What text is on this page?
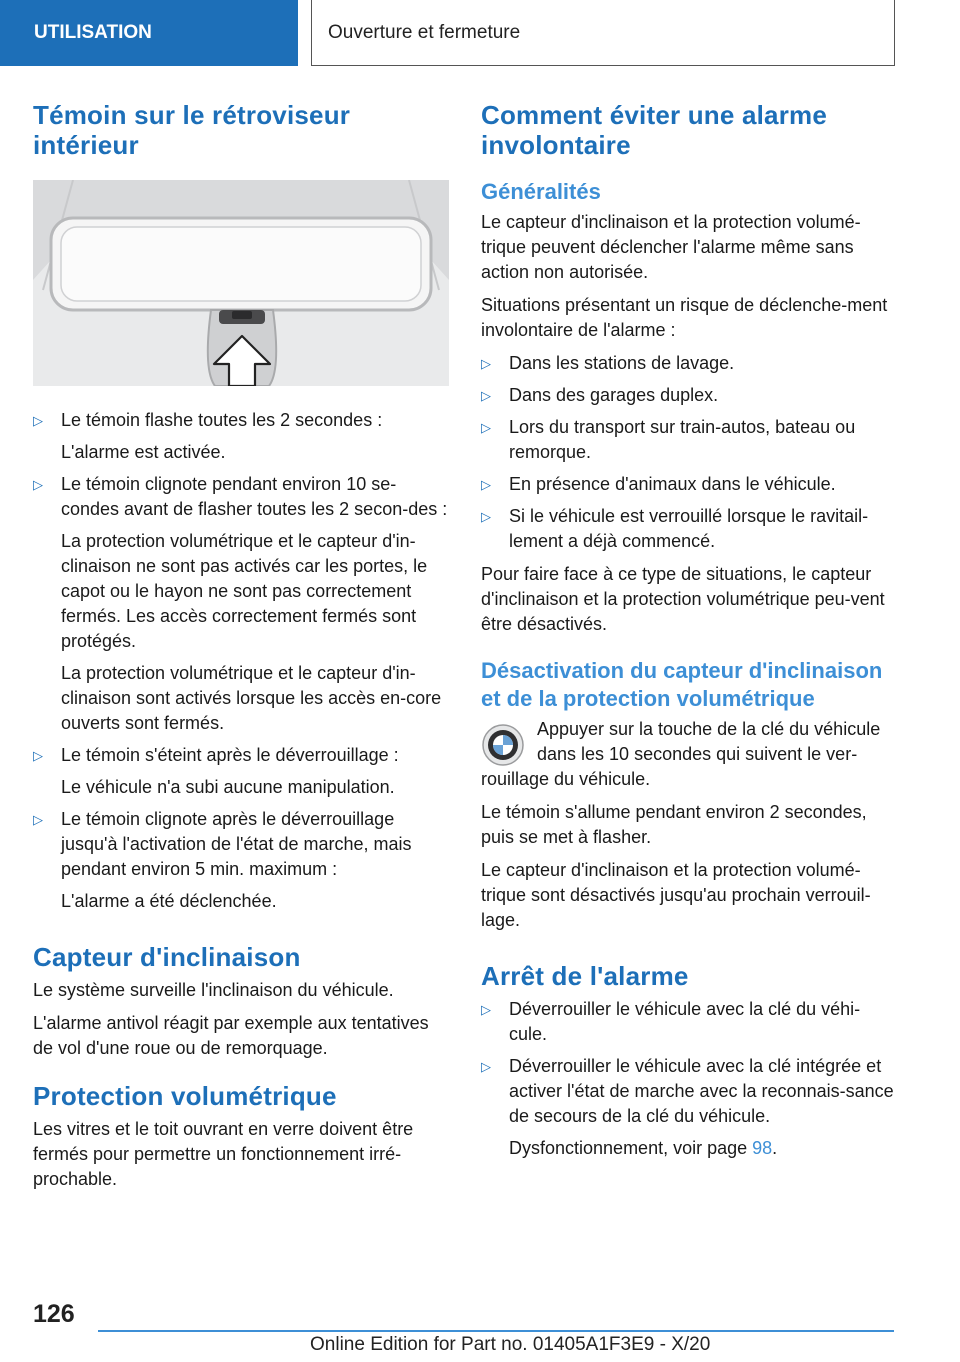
UTILISATION	Ouverture et fermeture
Témoin sur le rétroviseur intérieur
▷ Le témoin flashe toutes les 2 secondes :
L'alarme est activée.
▷ Le témoin clignote pendant environ 10 se-condes avant de flasher toutes les 2 secon-des :
La protection volumétrique et le capteur d'in-clinaison ne sont pas activés car les portes, le capot ou le hayon ne sont pas correctement fermés. Les accès correctement fermés sont protégés.
La protection volumétrique et le capteur d'in-clinaison sont activés lorsque les accès en-core ouverts sont fermés.
▷ Le témoin s'éteint après le déverrouillage :
Le véhicule n'a subi aucune manipulation.
▷ Le témoin clignote après le déverrouillage jusqu'à l'activation de l'état de marche, mais pendant environ 5 min. maximum :
L'alarme a été déclenchée.
Capteur d'inclinaison

Le système surveille l'inclinaison du véhicule.

L'alarme antivol réagit par exemple aux tentatives de vol d'une roue ou de remorquage.

Protection volumétrique

Les vitres et le toit ouvrant en verre doivent être fermés pour permettre un fonctionnement irré-prochable.

Comment éviter une alarme involontaire
Généralités

Le capteur d'inclinaison et la protection volumé-trique peuvent déclencher l'alarme même sans action non autorisée.

Situations présentant un risque de déclenche-ment involontaire de l'alarme :

▷ Dans les stations de lavage.
▷ Dans des garages duplex.
▷ Lors du transport sur train-autos, bateau ou remorque.
▷ En présence d'animaux dans le véhicule.
▷ Si le véhicule est verrouillé lorsque le ravitail-lement a déjà commencé.

Pour faire face à ce type de situations, le capteur d'inclinaison et la protection volumétrique peu-vent être désactivés.

Désactivation du capteur d'inclinaison et de la protection volumétrique

Appuyer sur la touche de la clé du véhicule dans les 10 secondes qui suivent le ver-rouillage du véhicule.

Le témoin s'allume pendant environ 2 secondes, puis se met à flasher.

Le capteur d'inclinaison et la protection volumé-trique sont désactivés jusqu'au prochain verrouil-lage.

Arrêt de l'alarme
▷ Déverrouiller le véhicule avec la clé du véhi-cule.
▷ Déverrouiller le véhicule avec la clé intégrée et activer l'état de marche avec la reconnais-sance de secours de la clé du véhicule.
Dysfonctionnement, voir page 98.
126
Online Edition for Part no. 01405A1F3E9 - X/20
